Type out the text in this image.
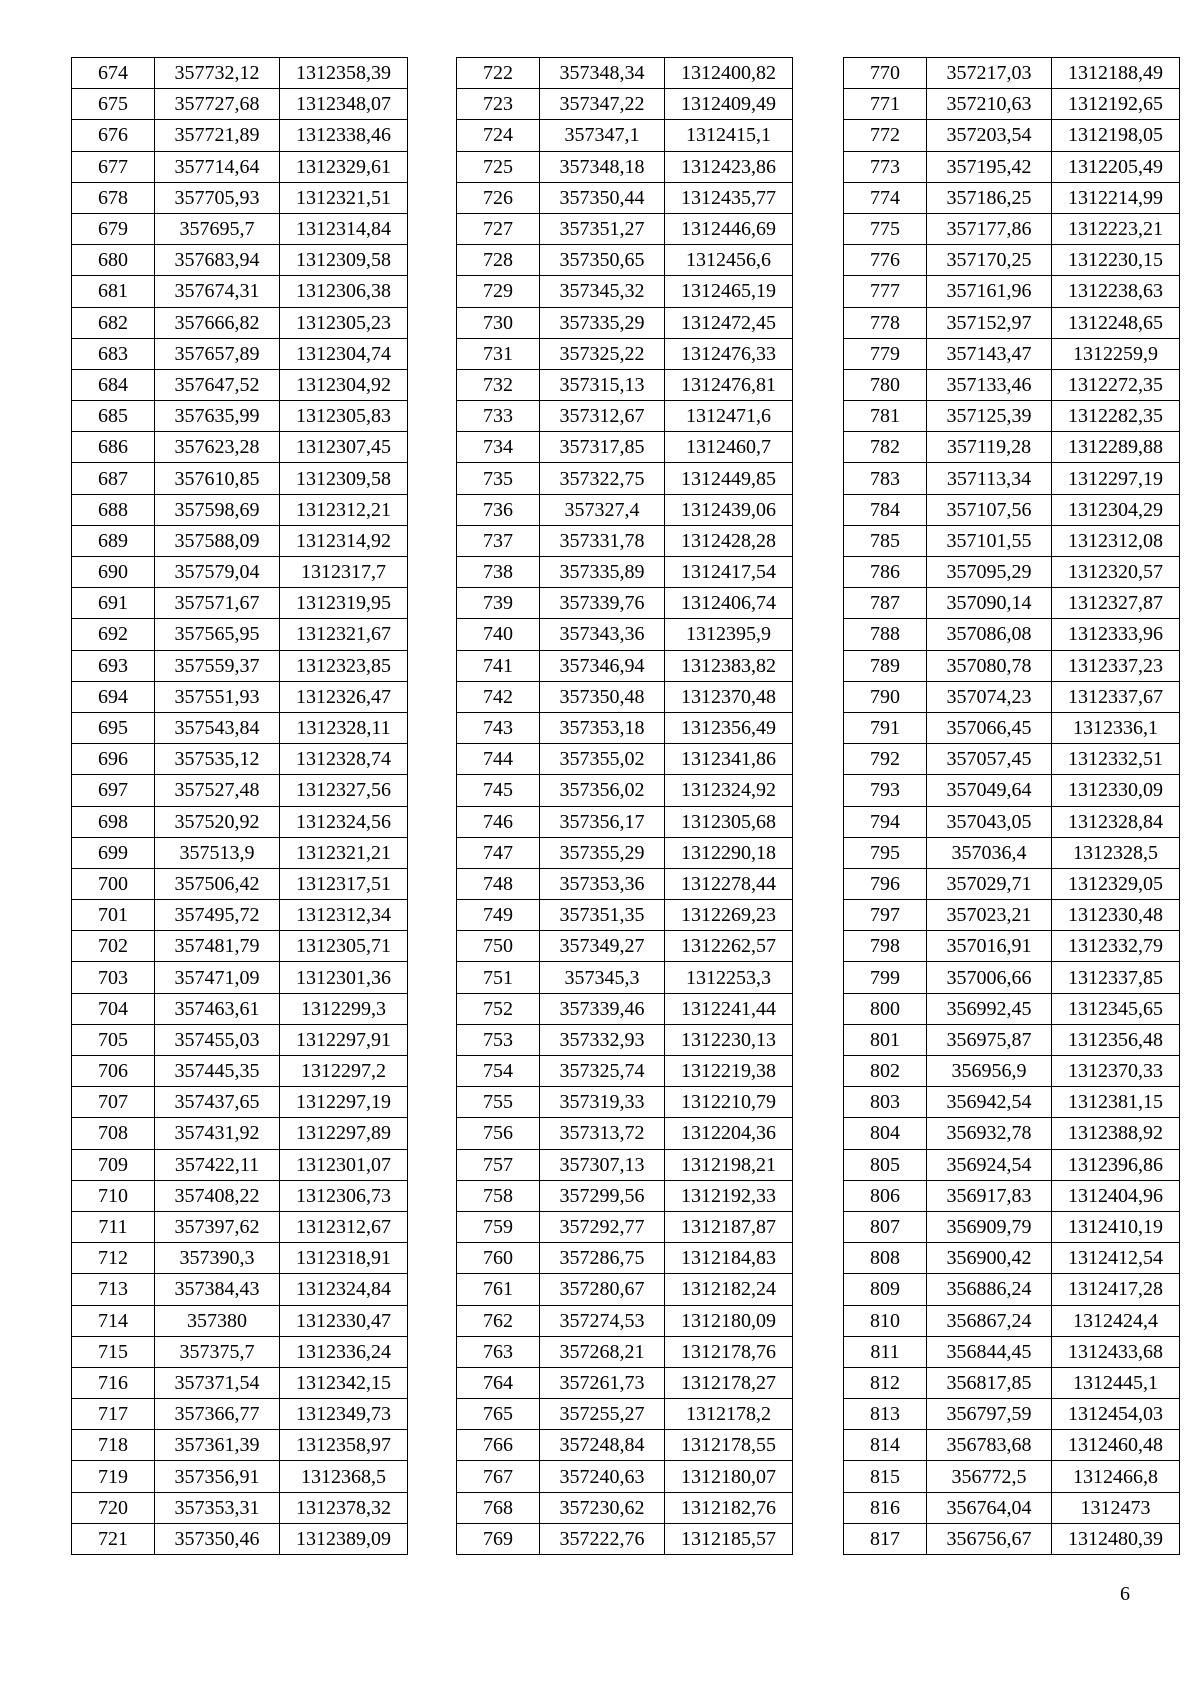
674	357732,12	1312358,39
675	357727,68	1312348,07
676	357721,89	1312338,46
677	357714,64	1312329,61
678	357705,93	1312321,51
679	357695,7	1312314,84
680	357683,94	1312309,58
681	357674,31	1312306,38
682	357666,82	1312305,23
683	357657,89	1312304,74
684	357647,52	1312304,92
685	357635,99	1312305,83
686	357623,28	1312307,45
687	357610,85	1312309,58
688	357598,69	1312312,21
689	357588,09	1312314,92
690	357579,04	1312317,7
691	357571,67	1312319,95
692	357565,95	1312321,67
693	357559,37	1312323,85
694	357551,93	1312326,47
695	357543,84	1312328,11
696	357535,12	1312328,74
697	357527,48	1312327,56
698	357520,92	1312324,56
699	357513,9	1312321,21
700	357506,42	1312317,51
701	357495,72	1312312,34
702	357481,79	1312305,71
703	357471,09	1312301,36
704	357463,61	1312299,3
705	357455,03	1312297,91
706	357445,35	1312297,2
707	357437,65	1312297,19
708	357431,92	1312297,89
709	357422,11	1312301,07
710	357408,22	1312306,73
711	357397,62	1312312,67
712	357390,3	1312318,91
713	357384,43	1312324,84
714	357380	1312330,47
715	357375,7	1312336,24
716	357371,54	1312342,15
717	357366,77	1312349,73
718	357361,39	1312358,97
719	357356,91	1312368,5
720	357353,31	1312378,32
721	357350,46	1312389,09
722	357348,34	1312400,82
723	357347,22	1312409,49
724	357347,1	1312415,1
725	357348,18	1312423,86
726	357350,44	1312435,77
727	357351,27	1312446,69
728	357350,65	1312456,6
729	357345,32	1312465,19
730	357335,29	1312472,45
731	357325,22	1312476,33
732	357315,13	1312476,81
733	357312,67	1312471,6
734	357317,85	1312460,7
735	357322,75	1312449,85
736	357327,4	1312439,06
737	357331,78	1312428,28
738	357335,89	1312417,54
739	357339,76	1312406,74
740	357343,36	1312395,9
741	357346,94	1312383,82
742	357350,48	1312370,48
743	357353,18	1312356,49
744	357355,02	1312341,86
745	357356,02	1312324,92
746	357356,17	1312305,68
747	357355,29	1312290,18
748	357353,36	1312278,44
749	357351,35	1312269,23
750	357349,27	1312262,57
751	357345,3	1312253,3
752	357339,46	1312241,44
753	357332,93	1312230,13
754	357325,74	1312219,38
755	357319,33	1312210,79
756	357313,72	1312204,36
757	357307,13	1312198,21
758	357299,56	1312192,33
759	357292,77	1312187,87
760	357286,75	1312184,83
761	357280,67	1312182,24
762	357274,53	1312180,09
763	357268,21	1312178,76
764	357261,73	1312178,27
765	357255,27	1312178,2
766	357248,84	1312178,55
767	357240,63	1312180,07
768	357230,62	1312182,76
769	357222,76	1312185,57
770	357217,03	1312188,49
771	357210,63	1312192,65
772	357203,54	1312198,05
773	357195,42	1312205,49
774	357186,25	1312214,99
775	357177,86	1312223,21
776	357170,25	1312230,15
777	357161,96	1312238,63
778	357152,97	1312248,65
779	357143,47	1312259,9
780	357133,46	1312272,35
781	357125,39	1312282,35
782	357119,28	1312289,88
783	357113,34	1312297,19
784	357107,56	1312304,29
785	357101,55	1312312,08
786	357095,29	1312320,57
787	357090,14	1312327,87
788	357086,08	1312333,96
789	357080,78	1312337,23
790	357074,23	1312337,67
791	357066,45	1312336,1
792	357057,45	1312332,51
793	357049,64	1312330,09
794	357043,05	1312328,84
795	357036,4	1312328,5
796	357029,71	1312329,05
797	357023,21	1312330,48
798	357016,91	1312332,79
799	357006,66	1312337,85
800	356992,45	1312345,65
801	356975,87	1312356,48
802	356956,9	1312370,33
803	356942,54	1312381,15
804	356932,78	1312388,92
805	356924,54	1312396,86
806	356917,83	1312404,96
807	356909,79	1312410,19
808	356900,42	1312412,54
809	356886,24	1312417,28
810	356867,24	1312424,4
811	356844,45	1312433,68
812	356817,85	1312445,1
813	356797,59	1312454,03
814	356783,68	1312460,48
815	356772,5	1312466,8
816	356764,04	1312473
817	356756,67	1312480,39
6
